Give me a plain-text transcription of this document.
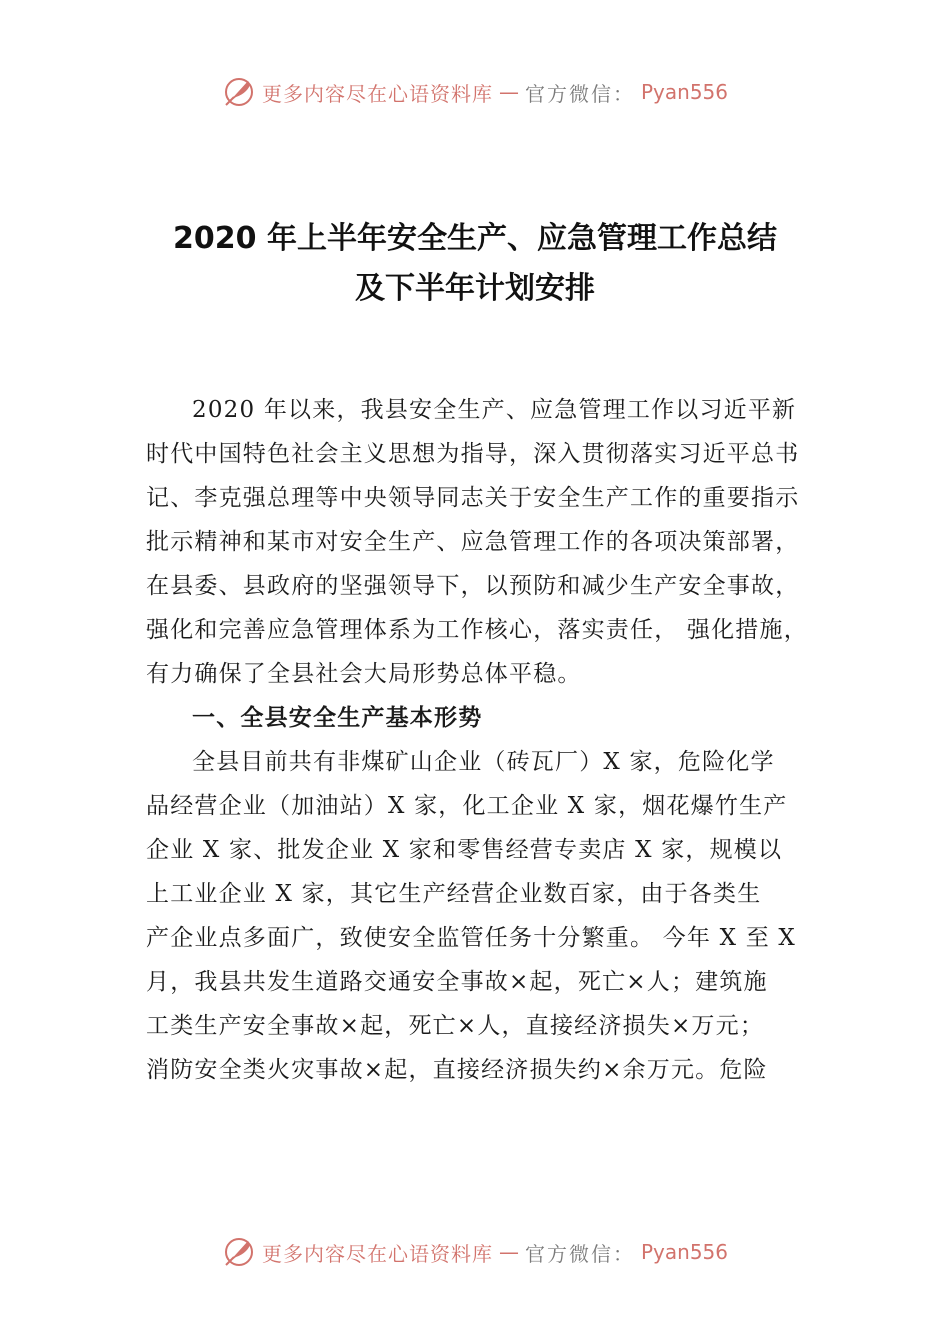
更多内容尽在心语资料库 — 官方微信： Pyan556
2020 年上半年安全生产、应急管理工作总结
及下半年计划安排
2020 年以来，我县安全生产、应急管理工作以习近平新
时代中国特色社会主义思想为指导，深入贯彻落实习近平总书
记、李克强总理等中央领导同志关于安全生产工作的重要指示
批示精神和某市对安全生产、应急管理工作的各项决策部署，
在县委、县政府的坚强领导下，以预防和减少生产安全事故，
强化和完善应急管理体系为工作核心，落实责任， 强化措施，
有力确保了全县社会大局形势总体平稳。
一、全县安全生产基本形势
全县目前共有非煤矿山企业（砖瓦厂）X 家，危险化学
品经营企业（加油站）X 家，化工企业 X 家，烟花爆竹生产
企业 X 家、批发企业 X 家和零售经营专卖店 X 家，规模以
上工业企业 X 家，其它生产经营企业数百家，由于各类生
产企业点多面广，致使安全监管任务十分繁重。 今年 X 至 X
月，我县共发生道路交通安全事故×起，死亡×人；建筑施
工类生产安全事故×起，死亡×人，直接经济损失×万元；
消防安全类火灾事故×起，直接经济损失约×余万元。危险
更多内容尽在心语资料库 — 官方微信： Pyan556
